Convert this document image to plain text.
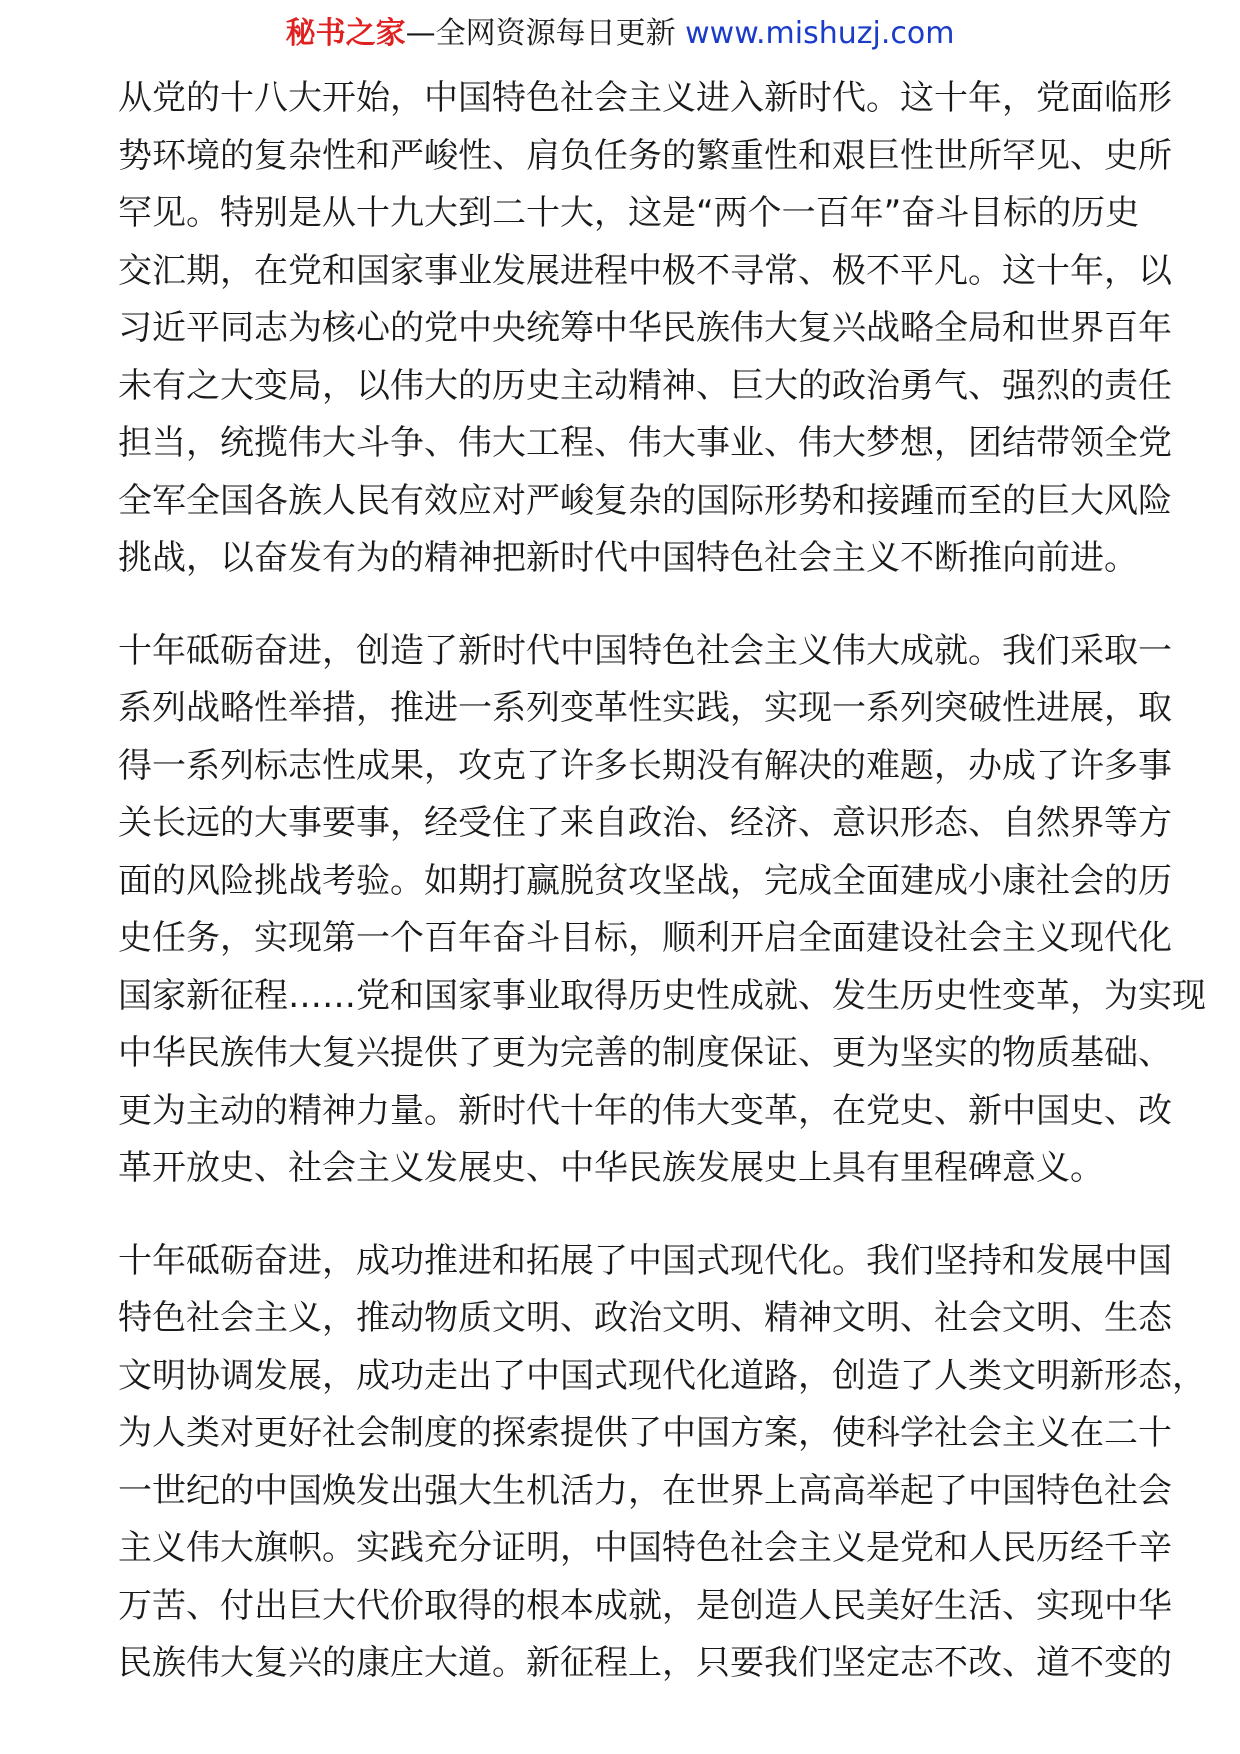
秘书之家—全网资源每日更新 www.mishuzj.com

从党的十八大开始，中国特色社会主义进入新时代。这十年，党面临形
势环境的复杂性和严峻性、肩负任务的繁重性和艰巨性世所罕见、史所
罕见。特别是从十九大到二十大，这是“两个一百年”奋斗目标的历史
交汇期，在党和国家事业发展进程中极不寻常、极不平凡。这十年，以
习近平同志为核心的党中央统筹中华民族伟大复兴战略全局和世界百年
未有之大变局，以伟大的历史主动精神、巨大的政治勇气、强烈的责任
担当，统揽伟大斗争、伟大工程、伟大事业、伟大梦想，团结带领全党
全军全国各族人民有效应对严峻复杂的国际形势和接踵而至的巨大风险
挑战，以奋发有为的精神把新时代中国特色社会主义不断推向前进。

十年砥砺奋进，创造了新时代中国特色社会主义伟大成就。我们采取一
系列战略性举措，推进一系列变革性实践，实现一系列突破性进展，取
得一系列标志性成果，攻克了许多长期没有解决的难题，办成了许多事
关长远的大事要事，经受住了来自政治、经济、意识形态、自然界等方
面的风险挑战考验。如期打赢脱贫攻坚战，完成全面建成小康社会的历
史任务，实现第一个百年奋斗目标，顺利开启全面建设社会主义现代化
国家新征程……党和国家事业取得历史性成就、发生历史性变革，为实现
中华民族伟大复兴提供了更为完善的制度保证、更为坚实的物质基础、
更为主动的精神力量。新时代十年的伟大变革，在党史、新中国史、改
革开放史、社会主义发展史、中华民族发展史上具有里程碑意义。

十年砥砺奋进，成功推进和拓展了中国式现代化。我们坚持和发展中国
特色社会主义，推动物质文明、政治文明、精神文明、社会文明、生态
文明协调发展，成功走出了中国式现代化道路，创造了人类文明新形态，
为人类对更好社会制度的探索提供了中国方案，使科学社会主义在二十
一世纪的中国焕发出强大生机活力，在世界上高高举起了中国特色社会
主义伟大旗帜。实践充分证明，中国特色社会主义是党和人民历经千辛
万苦、付出巨大代价取得的根本成就，是创造人民美好生活、实现中华
民族伟大复兴的康庄大道。新征程上，只要我们坚定志不改、道不变的
